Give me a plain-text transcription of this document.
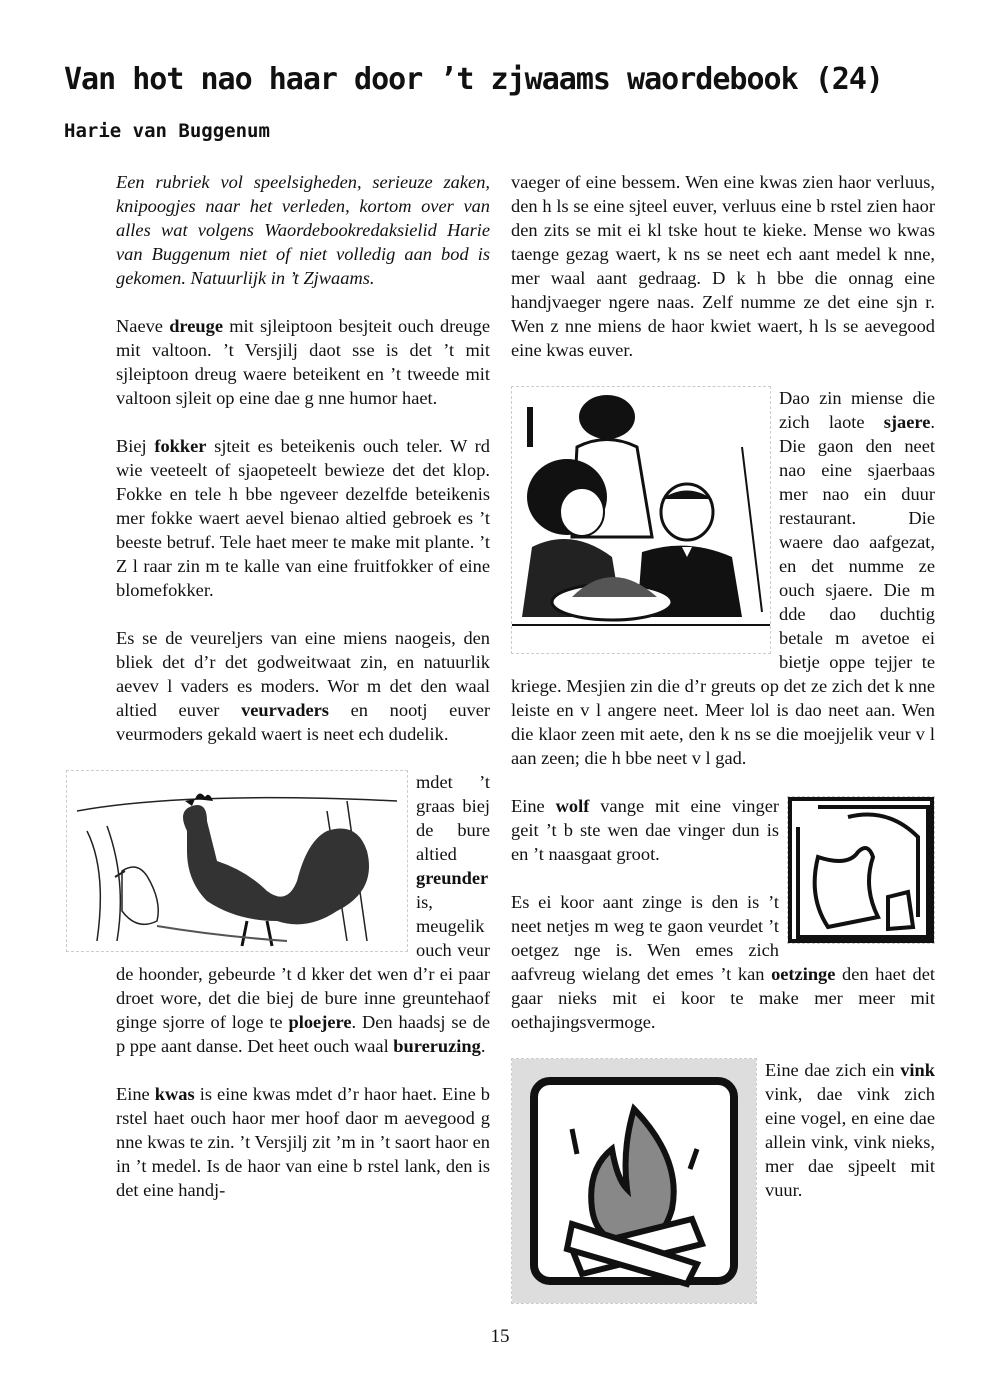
Van hot nao haar door ’t zjwaams waordebook (24)
Harie van Buggenum

Een rubriek vol speelsigheden, serieuze zaken, knipoogjes naar het verleden, kortom over van alles wat volgens Waordebookredaksielid Harie van Buggenum niet of niet volledig aan bod is gekomen. Natuurlijk in ’t Zjwaams.

Naeve dreuge mit sjleiptoon besjteit ouch dreuge mit valtoon. ’t Versjilj daot sse is det ’t mit sjleiptoon dreug waere beteikent en ’t tweede mit valtoon sjleit op eine dae g nne humor haet.

Biej fokker sjteit es beteikenis ouch teler. W rd wie veeteelt of sjaopeteelt bewieze det det klop. Fokke en tele h bbe ngeveer dezelfde beteikenis mer fokke waert aevel bienao altied gebroek es ’t beeste betruf. Tele haet meer te make mit plante. ’t Z l raar zin m te kalle van eine fruitfokker of eine blomefokker.

Es se de veureljers van eine miens naogeis, den bliek det d’r det godweitwaat zin, en natuurlik aevev l vaders es moders. Wor m det den waal altied euver veurvaders en nootj euver veurmoders gekald waert is neet ech dudelik.

mdet ’t graas biej de bure altied greunder is, meugelik ouch veur de hoonder, gebeurde ’t d kker det wen d’r ei paar droet wore, det die biej de bure inne greuntehaof ginge sjorre of loge te ploejere. Den haadsj se de p ppe aant danse. Det heet ouch waal bureruzing.

Eine kwas is eine kwas mdet d’r haor haet. Eine b rstel haet ouch haor mer hoof daor m aevegood g nne kwas te zin. ’t Versjilj zit ’m in ’t saort haor en in ’t medel. Is de haor van eine b rstel lank, den is det eine handj-

vaeger of eine bessem. Wen eine kwas zien haor verluus, den h ls se eine sjteel euver, verluus eine b rstel zien haor den zits se mit ei kl tske hout te kieke. Mense wo kwas taenge gezag waert, k ns se neet ech aant medel k nne, mer waal aant gedraag. D k h bbe die onnag eine handjvaeger ngere naas. Zelf numme ze det eine sjn r. Wen z nne miens de haor kwiet waert, h ls se aevegood eine kwas euver.

Dao zin miense die zich laote sjaere. Die gaon den neet nao eine sjaerbaas mer nao ein duur restaurant. Die waere dao aafgezat, en det numme ze ouch sjaere. Die m dde dao duchtig betale m avetoe ei bietje oppe tejjer te kriege. Mesjien zin die d’r greuts op det ze zich det k nne leiste en v l angere neet. Meer lol is dao neet aan. Wen die klaor zeen mit aete, den k ns se die moejjelik veur v l aan zeen; die h bbe neet v l gad.

Eine wolf vange mit eine vinger geit ’t b ste wen dae vinger dun is en ’t naasgaat groot.

Es ei koor aant zinge is den is ’t neet netjes m weg te gaon veurdet ’t oetgez nge is. Wen emes zich aafvreug wielang det emes ’t kan oetzinge den haet det gaar nieks mit ei koor te make mer meer mit oethajingsvermoge.

Eine dae zich ein vink vink, dae vink zich eine vogel, en eine dae allein vink, vink nieks, mer dae sjpeelt mit vuur.

15
